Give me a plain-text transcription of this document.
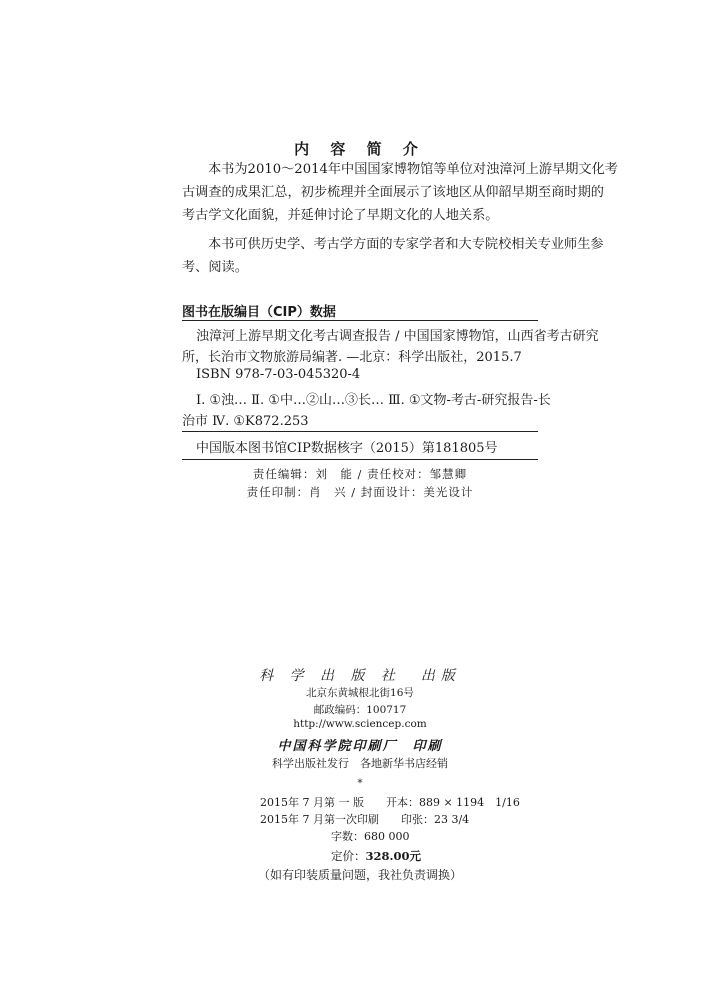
内 容 简 介
本书为2010～2014年中国国家博物馆等单位对浊漳河上游早期文化考
古调查的成果汇总，初步梳理并全面展示了该地区从仰韶早期至商时期的
考古学文化面貌，并延伸讨论了早期文化的人地关系。
本书可供历史学、考古学方面的专家学者和大专院校相关专业师生参
考、阅读。
图书在版编目（CIP）数据
浊漳河上游早期文化考古调查报告 / 中国国家博物馆，山西省考古研究
所，长治市文物旅游局编著. —北京：科学出版社，2015.7
ISBN 978-7-03-045320-4
Ⅰ. ①浊… Ⅱ. ①中…②山…③长… Ⅲ. ①文物-考古-研究报告-长
治市 Ⅳ. ①K872.253
中国版本图书馆CIP数据核字（2015）第181805号
责任编辑：刘　能 / 责任校对：邹慧卿
责任印制：肖　兴 / 封面设计：美光设计
科 学 出 版 社　出版
北京东黄城根北街16号
邮政编码：100717
http://www.sciencep.com
中国科学院印刷厂　印刷
科学出版社发行　各地新华书店经销
*
2015年 7 月第 一 版　　开本：889 × 1194　1/16
2015年 7 月第一次印刷　　印张：23 3/4
字数：680 000
定价：328.00元
（如有印装质量问题，我社负责调换）
